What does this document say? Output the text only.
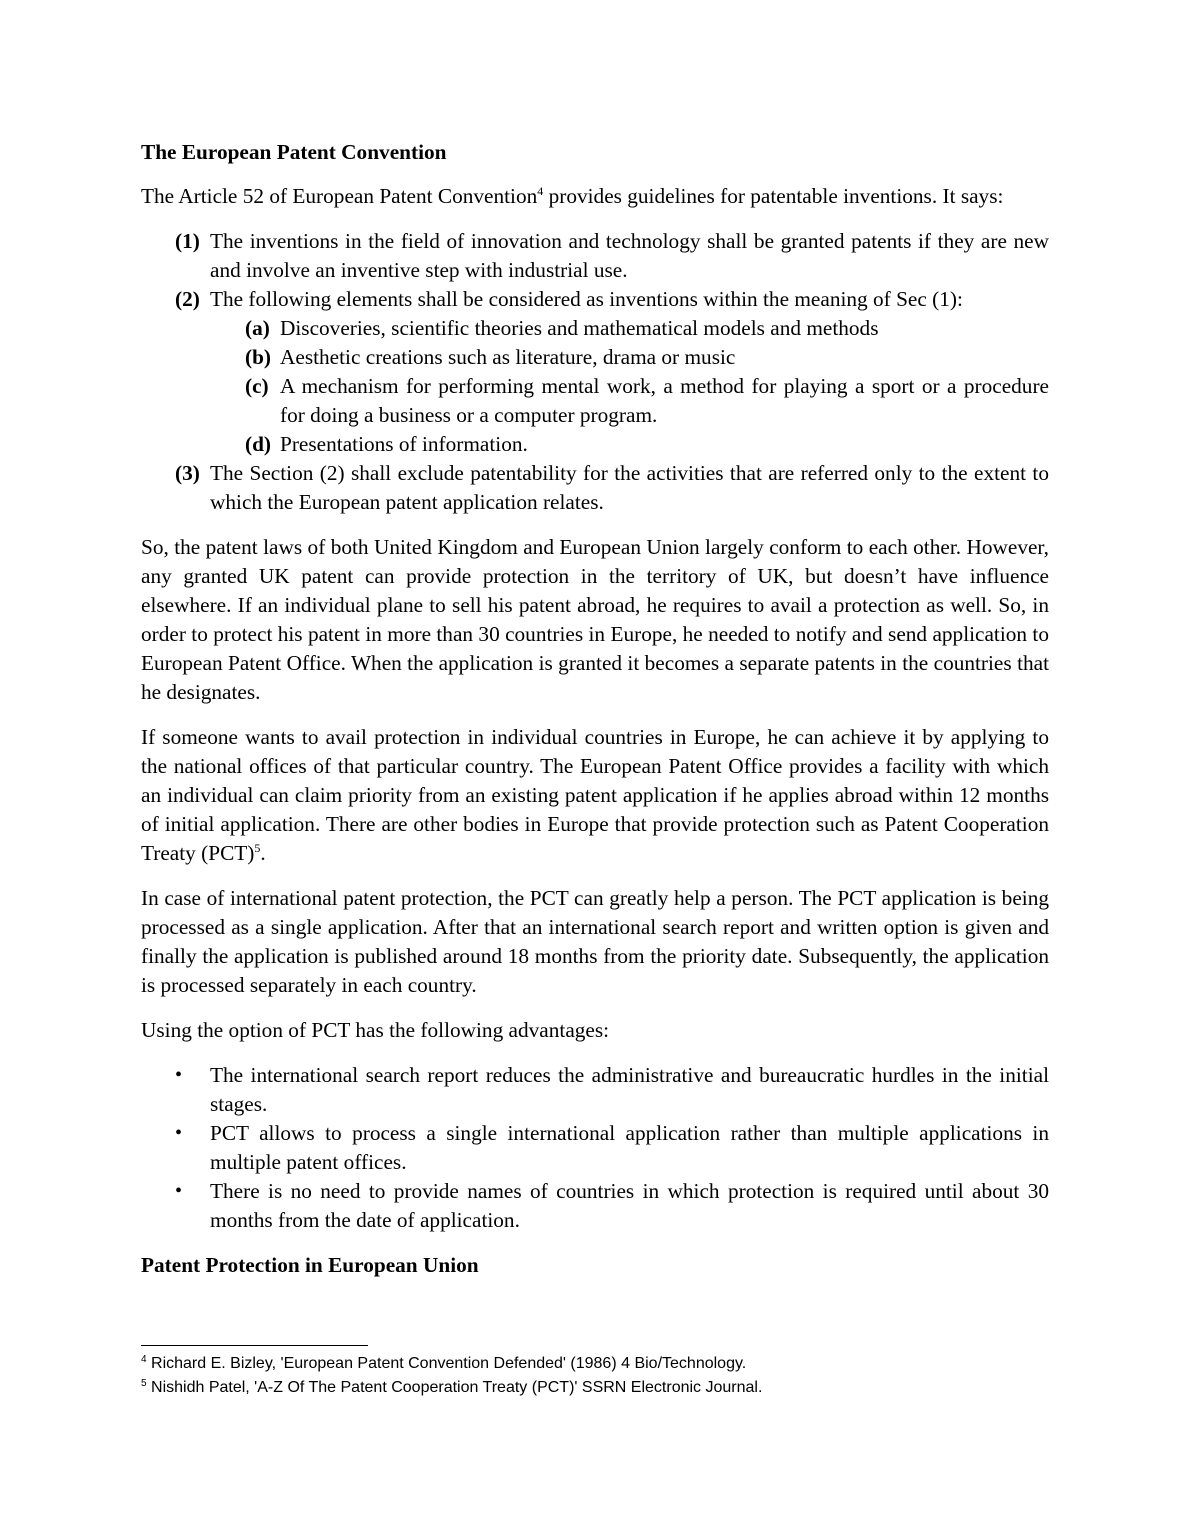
The European Patent Convention

The Article 52 of European Patent Convention$^4$ provides guidelines for patentable inventions. It says:

(1) The inventions in the field of innovation and technology shall be granted patents if they are new and involve an inventive step with industrial use.
(2) The following elements shall be considered as inventions within the meaning of Sec (1):
(a) Discoveries, scientific theories and mathematical models and methods
(b) Aesthetic creations such as literature, drama or music
(c) A mechanism for performing mental work, a method for playing a sport or a procedure for doing a business or a computer program.
(d) Presentations of information.
(3) The Section (2) shall exclude patentability for the activities that are referred only to the extent to which the European patent application relates.

So, the patent laws of both United Kingdom and European Union largely conform to each other. However, any granted UK patent can provide protection in the territory of UK, but doesn’t have influence elsewhere. If an individual plane to sell his patent abroad, he requires to avail a protection as well. So, in order to protect his patent in more than 30 countries in Europe, he needed to notify and send application to European Patent Office. When the application is granted it becomes a separate patents in the countries that he designates.

If someone wants to avail protection in individual countries in Europe, he can achieve it by applying to the national offices of that particular country. The European Patent Office provides a facility with which an individual can claim priority from an existing patent application if he applies abroad within 12 months of initial application. There are other bodies in Europe that provide protection such as Patent Cooperation Treaty (PCT)$^5$.

In case of international patent protection, the PCT can greatly help a person. The PCT application is being processed as a single application. After that an international search report and written option is given and finally the application is published around 18 months from the priority date. Subsequently, the application is processed separately in each country.

Using the option of PCT has the following advantages:

•	The international search report reduces the administrative and bureaucratic hurdles in the initial stages.
•	PCT allows to process a single international application rather than multiple applications in multiple patent offices.
•	There is no need to provide names of countries in which protection is required until about 30 months from the date of application.
Patent Protection in European Union
$^4$ Richard E. Bizley, 'European Patent Convention Defended' (1986) 4 Bio/Technology.
$^5$ Nishidh Patel, 'A-Z Of The Patent Cooperation Treaty (PCT)' SSRN Electronic Journal.
